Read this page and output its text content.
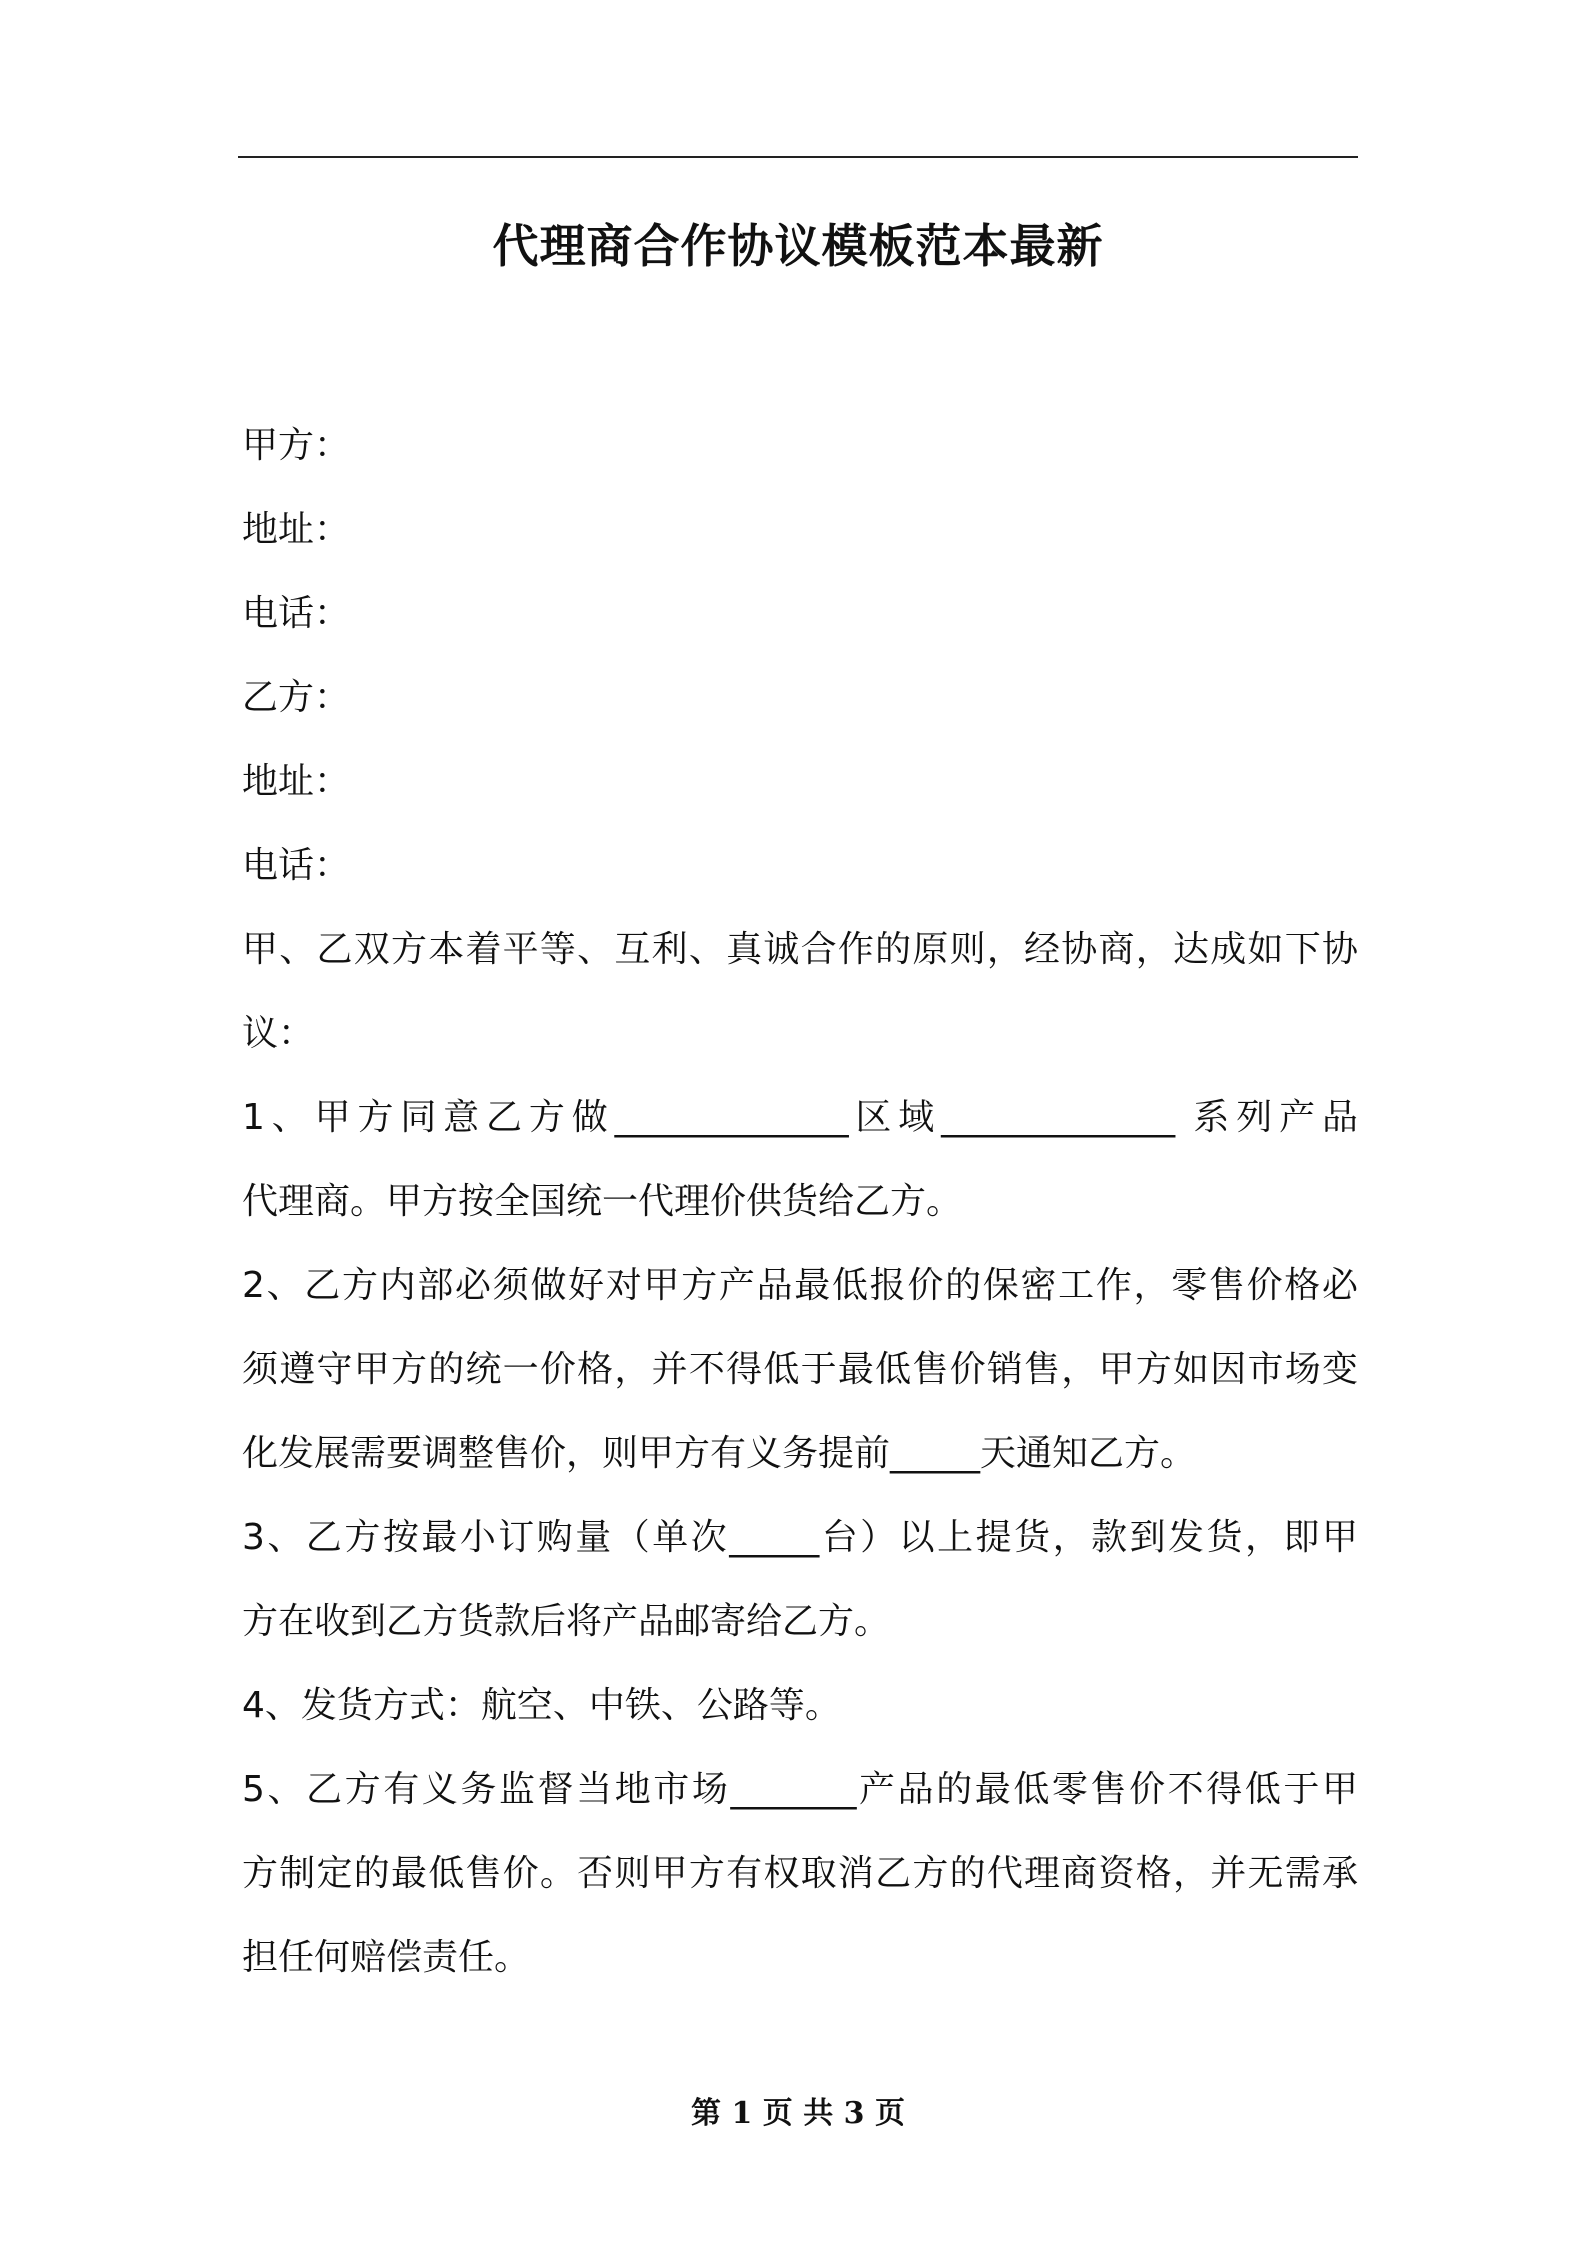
代理商合作协议模板范本最新
甲方：
地址：
电话：
乙方：
地址：
电话：
甲、乙双方本着平等、互利、真诚合作的原则，经协商，达成如下协
议：
1、甲方同意乙方做_____________区域_____________ 系列产品
代理商。甲方按全国统一代理价供货给乙方。
2、乙方内部必须做好对甲方产品最低报价的保密工作，零售价格必
须遵守甲方的统一价格，并不得低于最低售价销售，甲方如因市场变
化发展需要调整售价，则甲方有义务提前_____天通知乙方。
3、乙方按最小订购量（单次_____台）以上提货，款到发货，即甲
方在收到乙方货款后将产品邮寄给乙方。
4、发货方式：航空、中铁、公路等。
5、乙方有义务监督当地市场_______产品的最低零售价不得低于甲
方制定的最低售价。否则甲方有权取消乙方的代理商资格，并无需承
担任何赔偿责任。
第 1 页 共 3 页
